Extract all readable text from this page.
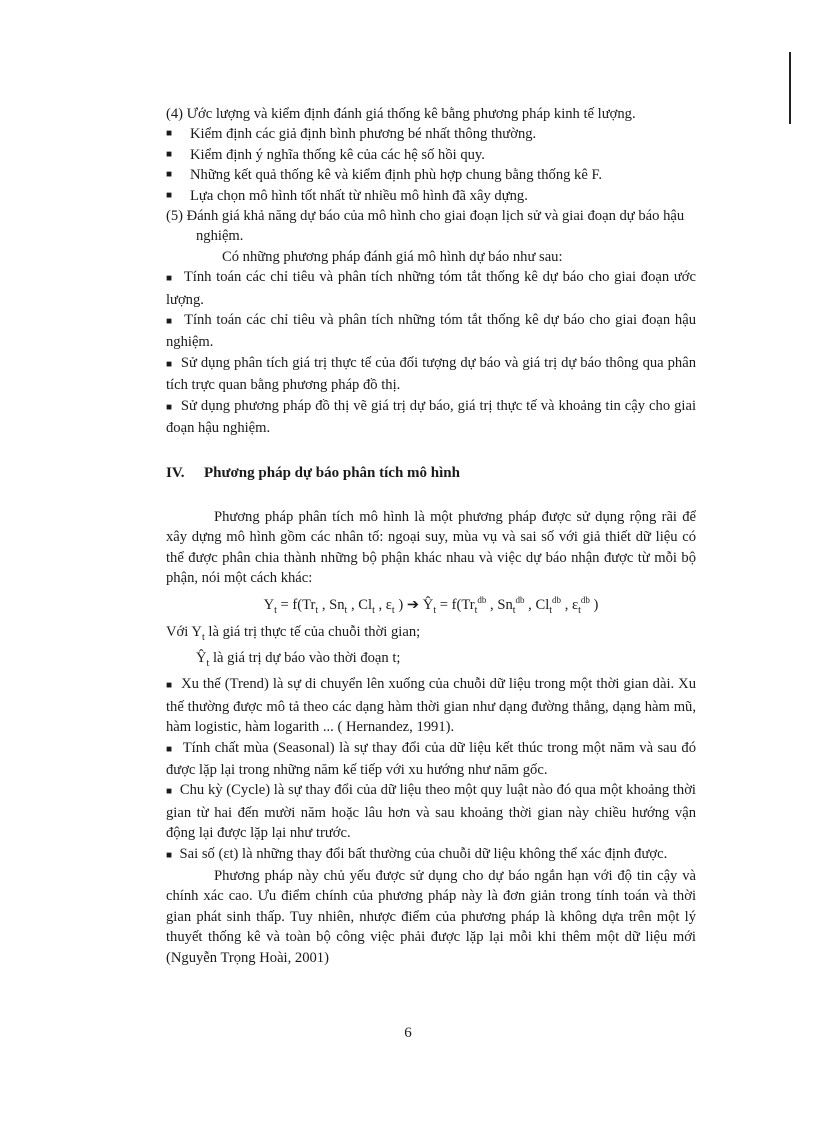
(4) Ước lượng và kiểm định đánh giá thống kê bằng phương pháp kinh tế lượng.

■	Kiểm định các giả định bình phương bé nhất thông thường.
■	Kiểm định ý nghĩa thống kê của các hệ số hồi quy.
■	Những kết quả thống kê và kiểm định phù hợp chung bằng thống kê F.
■	Lựa chọn mô hình tốt nhất từ nhiều mô hình đã xây dựng.

(5) Đánh giá khả năng dự báo của mô hình cho giai đoạn lịch sử và giai đoạn dự báo hậu nghiệm.

Có những phương pháp đánh giá mô hình dự báo như sau:

■   Tính toán các chỉ tiêu và phân tích những tóm tắt thống kê dự báo cho giai đoạn ước lượng.

■   Tính toán các chỉ tiêu và phân tích những tóm tắt thống kê dự báo cho giai đoạn hậu nghiệm.

■   Sử dụng phân tích giá trị thực tế của đối tượng dự báo và giá trị dự báo thông qua phân tích trực quan bằng phương pháp đồ thị.

■   Sử dụng phương pháp đồ thị vẽ giá trị dự báo, giá trị thực tế và khoảng tin cậy cho giai đoạn hậu nghiệm.

IV. Phương pháp dự báo phân tích mô hình

Phương pháp phân tích mô hình là một phương pháp được sử dụng rộng rãi để xây dựng mô hình gồm các nhân tố: ngoại suy, mùa vụ và sai số với giả thiết dữ liệu có thể được phân chia thành những bộ phận khác nhau và việc dự báo nhận được từ mỗi bộ phận, nói một cách khác:

$Y_t = f(Tr_t$ , $Sn_t$ , $Cl_t$ , $\varepsilon_t$ ) ➔ $Ŷ_t = f(Tr_t^{db}$ , $Sn_t^{db}$ , $Cl_t^{db}$ , $\varepsilon_t^{db}$ )

Với $Y_t$ là giá trị thực tế của chuỗi thời gian;

$Ŷ_t$ là giá trị dự báo vào thời đoạn t;

■   Xu thế (Trend) là sự di chuyển lên xuống của chuỗi dữ liệu trong một thời gian dài. Xu thế thường được mô tả theo các dạng hàm thời gian như dạng đường thẳng, dạng hàm mũ, hàm logistic, hàm logarith ... ( Hernandez, 1991).

■   Tính chất mùa (Seasonal) là sự thay đổi của dữ liệu kết thúc trong một năm và sau đó được lặp lại trong những năm kế tiếp với xu hướng như năm gốc.

■   Chu kỳ (Cycle) là sự thay đổi của dữ liệu theo một quy luật nào đó qua một khoảng thời gian từ hai đến mười năm hoặc lâu hơn và sau khoảng thời gian này chiều hướng vận động lại được lặp lại như trước.

■   Sai số (εt) là những thay đổi bất thường của chuỗi dữ liệu không thể xác định được.

Phương pháp này chủ yếu được sử dụng cho dự báo ngắn hạn với độ tin cậy và chính xác cao. Ưu điểm chính của phương pháp này là đơn giản trong tính toán và thời gian phát sinh thấp. Tuy nhiên, nhược điểm của phương pháp là không dựa trên một lý thuyết thống kê và toàn bộ công việc phải được lặp lại mỗi khi thêm một dữ liệu mới (Nguyễn Trọng Hoài, 2001)

6
